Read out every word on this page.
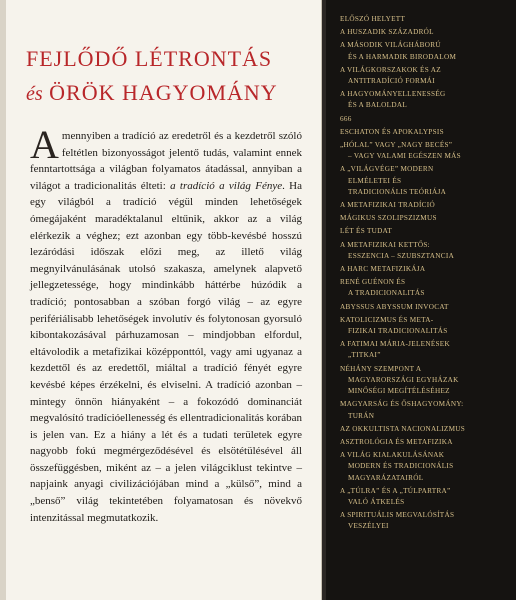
FEJLŐDŐ LÉTRONTÁS
és ÖRÖK HAGYOMÁNY
Amennyiben a tradíció az eredetről és a kezdetről szóló feltétlen bizonyosságot jelentő tudás, valamint ennek fenntartottsága a világban folyamatos átadással, annyiban a világot a tradicionalitás élteti: a tradíció a világ Fénye. Ha egy világból a tradíció végül minden lehetőségek ómegájaként maradéktalanul eltűnik, akkor az a világ elérkezik a véghez; ezt azonban egy több-kevésbé hosszú lezáródási időszak előzi meg, az illető világ megnyilvánulásának utolsó szakasza, amelynek alapvető jellegzetessége, hogy mindinkább háttérbe húzódik a tradíció; pontosabban a szóban forgó világ – az egyre perifériálisabb lehetőségek involutív és folytonosan gyorsuló kibontakozásával párhuzamosan – mindjobban elfordul, eltávolodik a metafizikai középponttól, vagy ami ugyanaz a kezdettől és az eredettől, miáltal a tradíció fényét egyre kevésbé képes érzékelni, és elviselni. A tradíció azonban – mintegy önnön hiányaként – a fokozódó dominanciát megvalósító tradícióellenesség és ellentradicionalitás korában is jelen van. Ez a hiány a lét és a tudati területek egyre nagyobb fokú megmérgeződésével és elsötétülésével áll összefüggésben, miként az – a jelen világciklust tekintve – napjaink anyagi civilizációjában mind a „külső”, mind a „benső” világ tekintetében folyamatosan és növekvő intenzitással megmutatkozik.
ELŐSZÓ HELYETT
A HUSZADIK SZÁZADRÓL
A MÁSODIK VILÁGHÁBORÚ
ÉS A HARMADIK BIRODALOM
A VILÁGKORSZAKOK ÉS AZ
ANTITRADÍCIÓ FORMÁI
A HAGYOMÁNYELLENESSÉG
ÉS A BALOLDAL
666
ESCHATON ÉS APOKALYPSIS
„HÓLAL” VAGY „NAGY BECÉS”
– VAGY VALAMI EGÉSZEN MÁS
A „VILÁGVÉGE” MODERN
ELMÉLETEI ÉS
TRADICIONÁLIS TEÓRIÁJA
A METAFIZIKAI TRADÍCIÓ
MÁGIKUS SZOLIPSZIZMUS
LÉT ÉS TUDAT
A METAFIZIKAI KETTŐS:
ESSZENCIA – SZUBSZTANCIA
A HARC METAFIZIKÁJA
RENÉ GUÉNON ÉS
A TRADICIONALITÁS
ABYSSUS ABYSSUM INVOCAT
KATOLICIZMUS ÉS META-
FIZIKAI TRADICIONALITÁS
A FATIMAI MÁRIA-JELENÉSEK
„TITKAI”
NÉHÁNY SZEMPONT A
MAGYARORSZÁGI EGYHÁZAK
MINŐSÉGI MEGÍTÉLÉSÉHEZ
MAGYARSÁG ÉS ŐSHAGYOMÁNY:
TURÁN
AZ OKKULTISTA NACIONALIZMUS
ASZTROLÓGIA ÉS METAFIZIKA
A VILÁG KIALAKULÁSÁNAK
MODERN ÉS TRADICIONÁLIS
MAGYARÁZATAIRÓL
A „TÚLRA” ÉS A „TÚLPARTRA”
VALÓ ÁTKELÉS
A SPIRITUÁLIS MEGVALÓSÍTÁS
VESZÉLYEI
